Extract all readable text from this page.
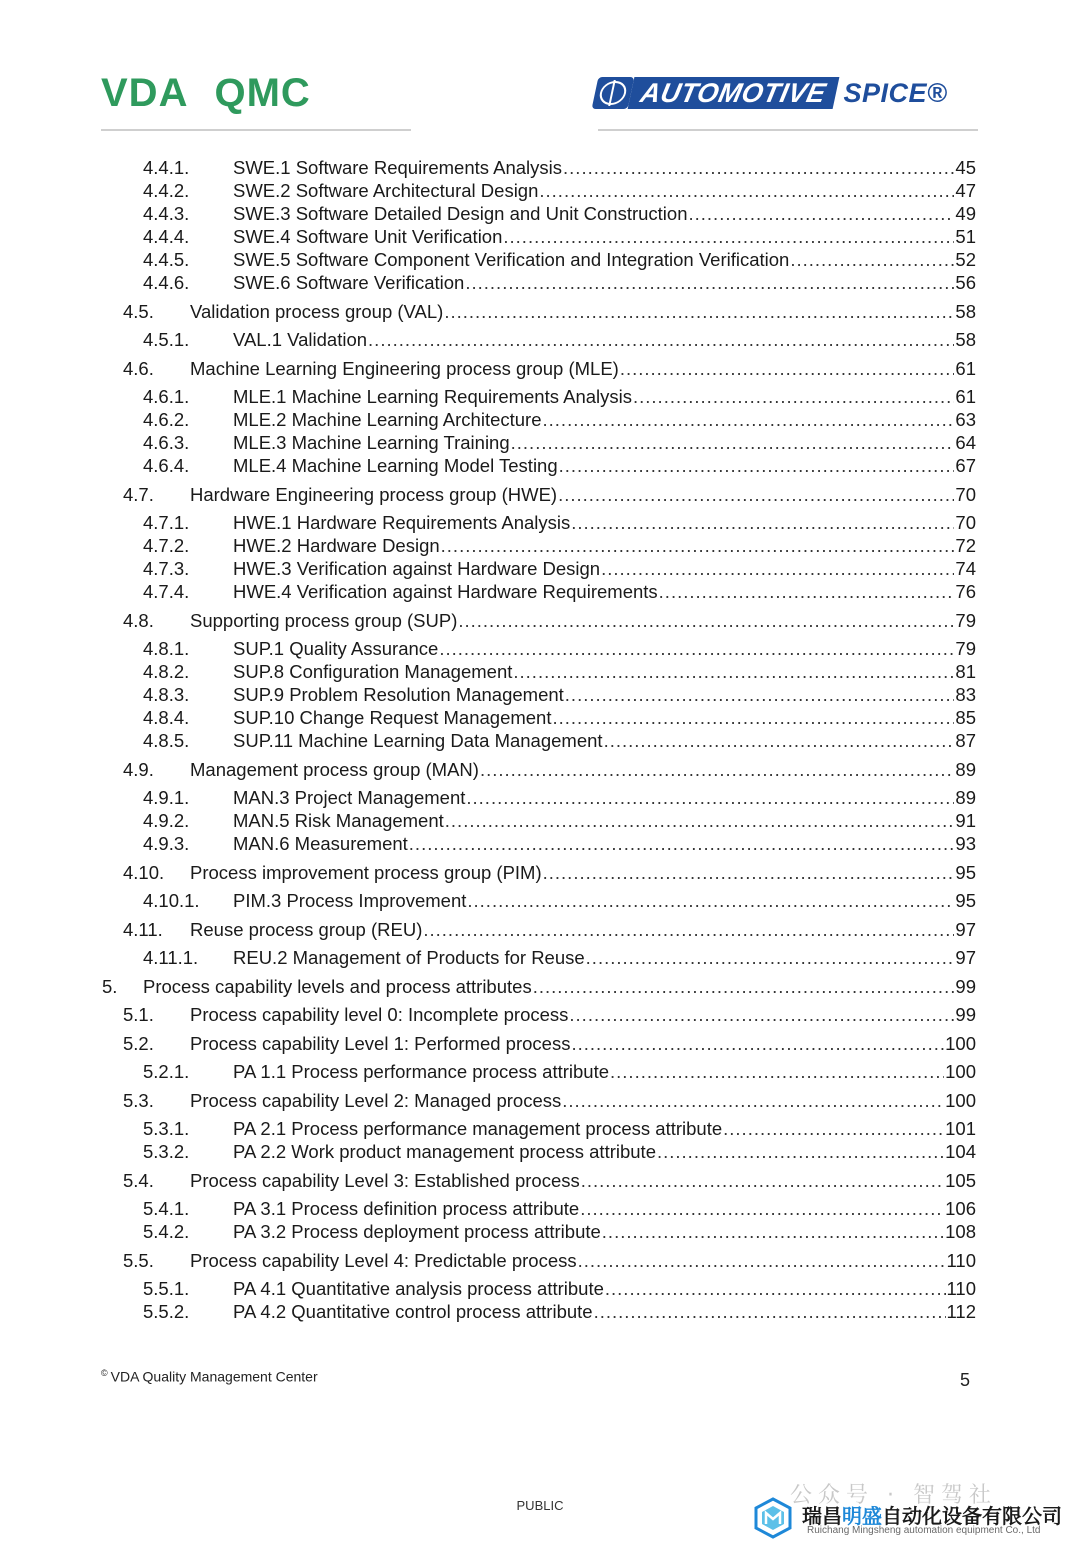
VDA QMC	AUTOMOTIVE SPICE®
4.4.1. SWE.1 Software Requirements Analysis .....	45
4.4.2. SWE.2 Software Architectural Design .....	47
4.4.3. SWE.3 Software Detailed Design and Unit Construction .....	49
4.4.4. SWE.4 Software Unit Verification .....	51
4.4.5. SWE.5 Software Component Verification and Integration Verification .....	52
4.4.6. SWE.6 Software Verification .....	56
4.5. Validation process group (VAL) .....	58
4.5.1. VAL.1 Validation .....	58
4.6. Machine Learning Engineering process group (MLE) .....	61
4.6.1. MLE.1 Machine Learning Requirements Analysis .....	61
4.6.2. MLE.2 Machine Learning Architecture .....	63
4.6.3. MLE.3 Machine Learning Training .....	64
4.6.4. MLE.4 Machine Learning Model Testing .....	67
4.7. Hardware Engineering process group (HWE) .....	70
4.7.1. HWE.1 Hardware Requirements Analysis .....	70
4.7.2. HWE.2 Hardware Design .....	72
4.7.3. HWE.3 Verification against Hardware Design .....	74
4.7.4. HWE.4 Verification against Hardware Requirements .....	76
4.8. Supporting process group (SUP) .....	79
4.8.1. SUP.1 Quality Assurance .....	79
4.8.2. SUP.8 Configuration Management .....	81
4.8.3. SUP.9 Problem Resolution Management .....	83
4.8.4. SUP.10 Change Request Management .....	85
4.8.5. SUP.11 Machine Learning Data Management .....	87
4.9. Management process group (MAN) .....	89
4.9.1. MAN.3 Project Management .....	89
4.9.2. MAN.5 Risk Management .....	91
4.9.3. MAN.6 Measurement .....	93
4.10. Process improvement process group (PIM) .....	95
4.10.1. PIM.3 Process Improvement .....	95
4.11. Reuse process group (REU) .....	97
4.11.1. REU.2 Management of Products for Reuse .....	97
5. Process capability levels and process attributes .....	99
5.1. Process capability level 0: Incomplete process .....	99
5.2. Process capability Level 1: Performed process .....	100
5.2.1. PA 1.1 Process performance process attribute .....	100
5.3. Process capability Level 2: Managed process .....	100
5.3.1. PA 2.1 Process performance management process attribute .....	101
5.3.2. PA 2.2 Work product management process attribute .....	104
5.4. Process capability Level 3: Established process .....	105
5.4.1. PA 3.1 Process definition process attribute .....	106
5.4.2. PA 3.2 Process deployment process attribute .....	108
5.5. Process capability Level 4: Predictable process .....	110
5.5.1. PA 4.1 Quantitative analysis process attribute .....	110
5.5.2. PA 4.2 Quantitative control process attribute .....	112
© VDA Quality Management Center	5
PUBLIC	公众号 · 智驾社
瑞昌明盛自动化设备有限公司
Ruichang Mingsheng automation equipment Co., Ltd
